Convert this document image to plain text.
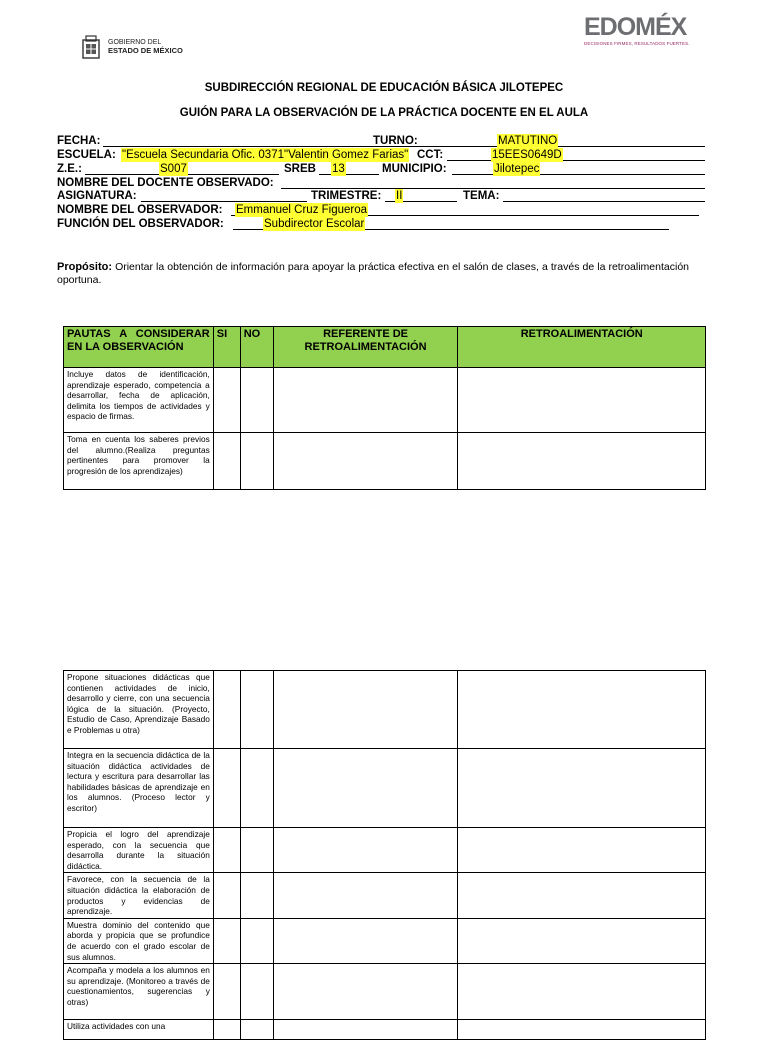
GOBIERNO DEL
ESTADO DE MÉXICO
EDOMÉX
DECISIONES FIRMES, RESULTADOS FUERTES.
SUBDIRECCIÓN REGIONAL DE EDUCACIÓN BÁSICA JILOTEPEC
GUIÓN PARA LA OBSERVACIÓN DE LA PRÁCTICA DOCENTE EN EL AULA
FECHA:	TURNO:	MATUTINO
ESCUELA: "Escuela Secundaria Ofic. 0371"Valentin Gomez Farias" CCT:	15EES0649D
Z.E.:	S007	SREB 13	MUNICIPIO:	Jilotepec
NOMBRE DEL DOCENTE OBSERVADO:
ASIGNATURA:	TRIMESTRE: II	TEMA:
NOMBRE DEL OBSERVADOR: Emmanuel Cruz Figueroa
FUNCIÓN DEL OBSERVADOR:	Subdirector Escolar
Propósito: Orientar la obtención de información para apoyar la práctica efectiva en el salón de clases, a través de la retroalimentación oportuna.
PAUTAS A CONSIDERAR EN LA OBSERVACIÓN	SI	NO	REFERENTE DE RETROALIMENTACIÓN	RETROALIMENTACIÓN
Incluye datos de identificación, aprendizaje esperado, competencia a desarrollar, fecha de aplicación, delimita los tiempos de actividades y espacio de firmas.				
Toma en cuenta los saberes previos del alumno.(Realiza preguntas pertinentes para promover la progresión de los aprendizajes)				
Propone situaciones didácticas que contienen actividades de inicio, desarrollo y cierre, con una secuencia lógica de la situación. (Proyecto, Estudio de Caso, Aprendizaje Basado e Problemas u otra)				
Integra en la secuencia didáctica de la situación didáctica actividades de lectura y escritura para desarrollar las habilidades básicas de aprendizaje en los alumnos. (Proceso lector y escritor)				
Propicia el logro del aprendizaje esperado, con la secuencia que desarrolla durante la situación didáctica.				
Favorece, con la secuencia de la situación didáctica la elaboración de productos y evidencias de aprendizaje.				
Muestra dominio del contenido que aborda y propicia que se profundice de acuerdo con el grado escolar de sus alumnos.				
Acompaña y modela a los alumnos en su aprendizaje. (Monitoreo a través de cuestionamientos, sugerencias y otras)				
Utiliza actividades con una				
